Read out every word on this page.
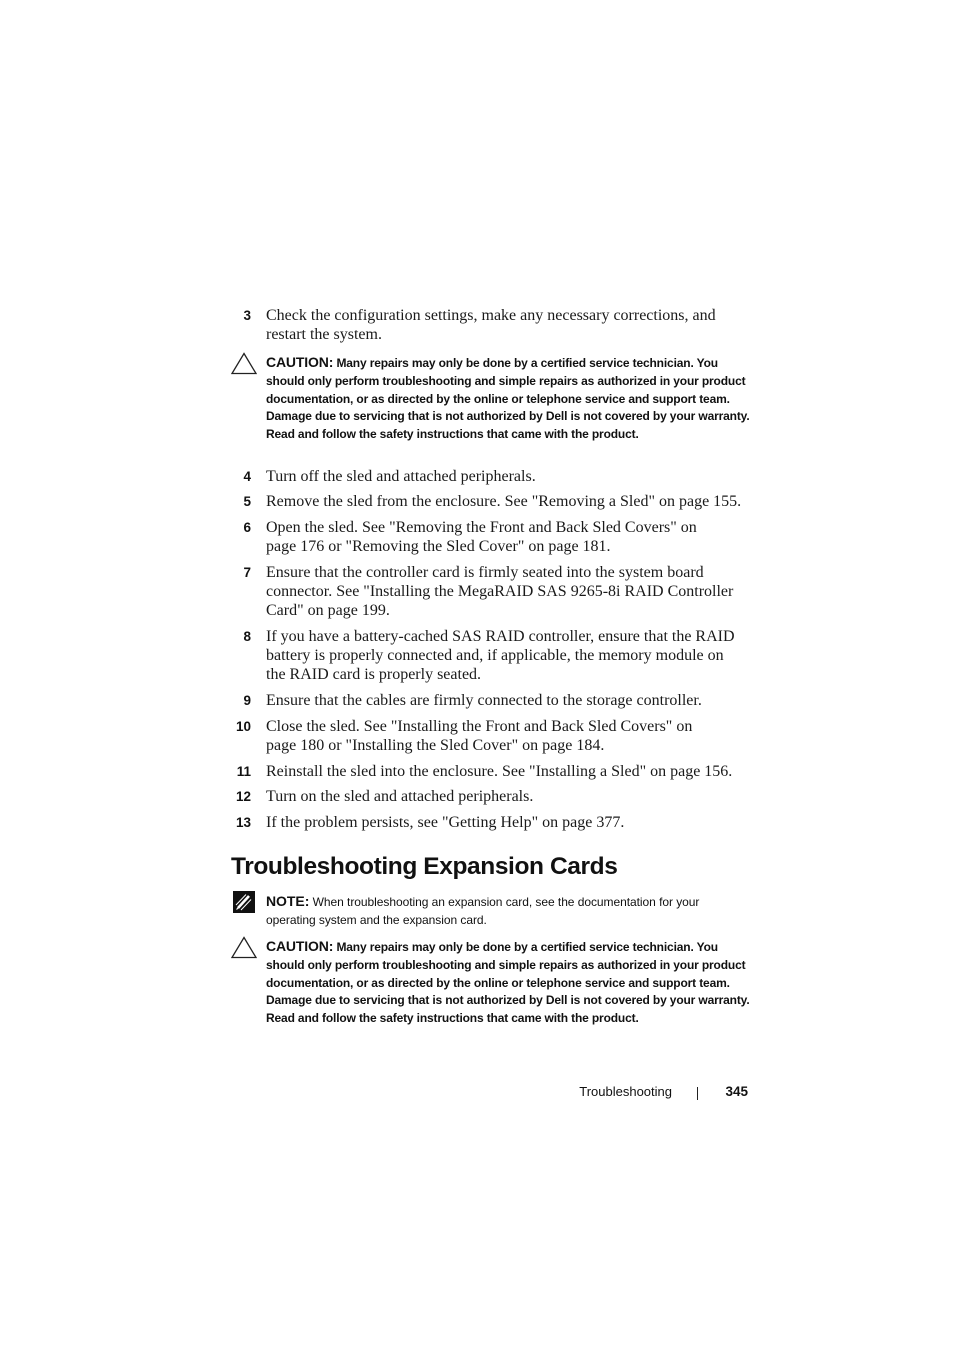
3 Check the configuration settings, make any necessary corrections, and restart the system.
CAUTION: Many repairs may only be done by a certified service technician. You should only perform troubleshooting and simple repairs as authorized in your product documentation, or as directed by the online or telephone service and support team. Damage due to servicing that is not authorized by Dell is not covered by your warranty. Read and follow the safety instructions that came with the product.
4 Turn off the sled and attached peripherals.
5 Remove the sled from the enclosure. See "Removing a Sled" on page 155.
6 Open the sled. See "Removing the Front and Back Sled Covers" on page 176 or "Removing the Sled Cover" on page 181.
7 Ensure that the controller card is firmly seated into the system board connector. See "Installing the MegaRAID SAS 9265-8i RAID Controller Card" on page 199.
8 If you have a battery-cached SAS RAID controller, ensure that the RAID battery is properly connected and, if applicable, the memory module on the RAID card is properly seated.
9 Ensure that the cables are firmly connected to the storage controller.
10 Close the sled. See "Installing the Front and Back Sled Covers" on page 180 or "Installing the Sled Cover" on page 184.
11 Reinstall the sled into the enclosure. See "Installing a Sled" on page 156.
12 Turn on the sled and attached peripherals.
13 If the problem persists, see "Getting Help" on page 377.
Troubleshooting Expansion Cards
NOTE: When troubleshooting an expansion card, see the documentation for your operating system and the expansion card.
CAUTION: Many repairs may only be done by a certified service technician. You should only perform troubleshooting and simple repairs as authorized in your product documentation, or as directed by the online or telephone service and support team. Damage due to servicing that is not authorized by Dell is not covered by your warranty. Read and follow the safety instructions that came with the product.
Troubleshooting	345
